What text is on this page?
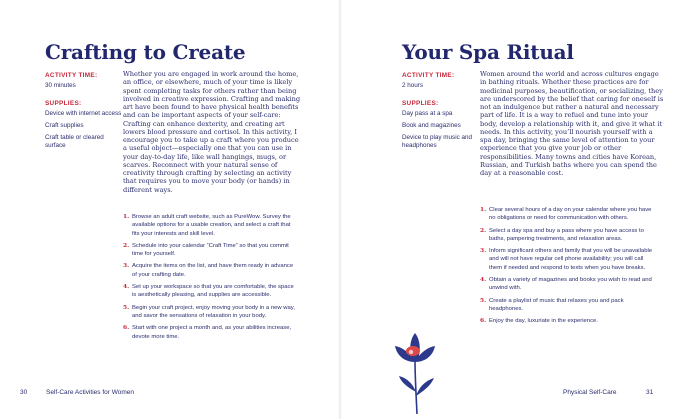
Crafting to Create

ACTIVITY TIME:

30 minutes

SUPPLIES:

Device with internet access
Craft supplies
Craft table or cleared surface

Whether you are engaged in work around the home, an office, or elsewhere, much of your time is likely spent completing tasks for others rather than being involved in creative expression. Crafting and making art have been found to have physical health benefits and can be important aspects of your self-care: Crafting can enhance dexterity, and creating art lowers blood pressure and cortisol. In this activity, I encourage you to take up a craft where you produce a useful object—especially one that you can use in your day-to-day life, like wall hangings, mugs, or scarves. Reconnect with your natural sense of creativity through crafting by selecting an activity that requires you to move your body (or hands) in different ways.

1. Browse an adult craft website, such as PureWow. Survey the available options for a usable creation, and select a craft that fits your interests and skill level.
2. Schedule into your calendar “Craft Time” so that you commit time for yourself.
3. Acquire the items on the list, and have them ready in advance of your crafting date.
4. Set up your workspace so that you are comfortable, the space is aesthetically pleasing, and supplies are accessible.
5. Begin your craft project, enjoy moving your body in a new way, and savor the sensations of relaxation in your body.
6. Start with one project a month and, as your abilities increase, devote more time.
30	Self-Care Activities for Women
Your Spa Ritual

ACTIVITY TIME:

2 hours

SUPPLIES:

Day pass at a spa
Book and magazines
Device to play music and headphones

Women around the world and across cultures engage in bathing rituals. Whether these practices are for medicinal purposes, beautification, or socializing, they are underscored by the belief that caring for oneself is not an indulgence but rather a natural and necessary part of life. It is a way to refuel and tune into your body, develop a relationship with it, and give it what it needs. In this activity, you’ll nourish yourself with a spa day, bringing the same level of attention to your experience that you give your job or other responsibilities. Many towns and cities have Korean, Russian, and Turkish baths where you can spend the day at a reasonable cost.

1. Clear several hours of a day on your calendar where you have no obligations or need for communication with others.
2. Select a day spa and buy a pass where you have access to baths, pampering treatments, and relaxation areas.
3. Inform significant others and family that you will be unavailable and will not have regular cell phone availability; you will call them if needed and respond to texts when you have breaks.
4. Obtain a variety of magazines and books you wish to read and unwind with.
5. Create a playlist of music that relaxes you and pack headphones.
6. Enjoy the day, luxuriate in the experience.
Physical Self-Care	31
